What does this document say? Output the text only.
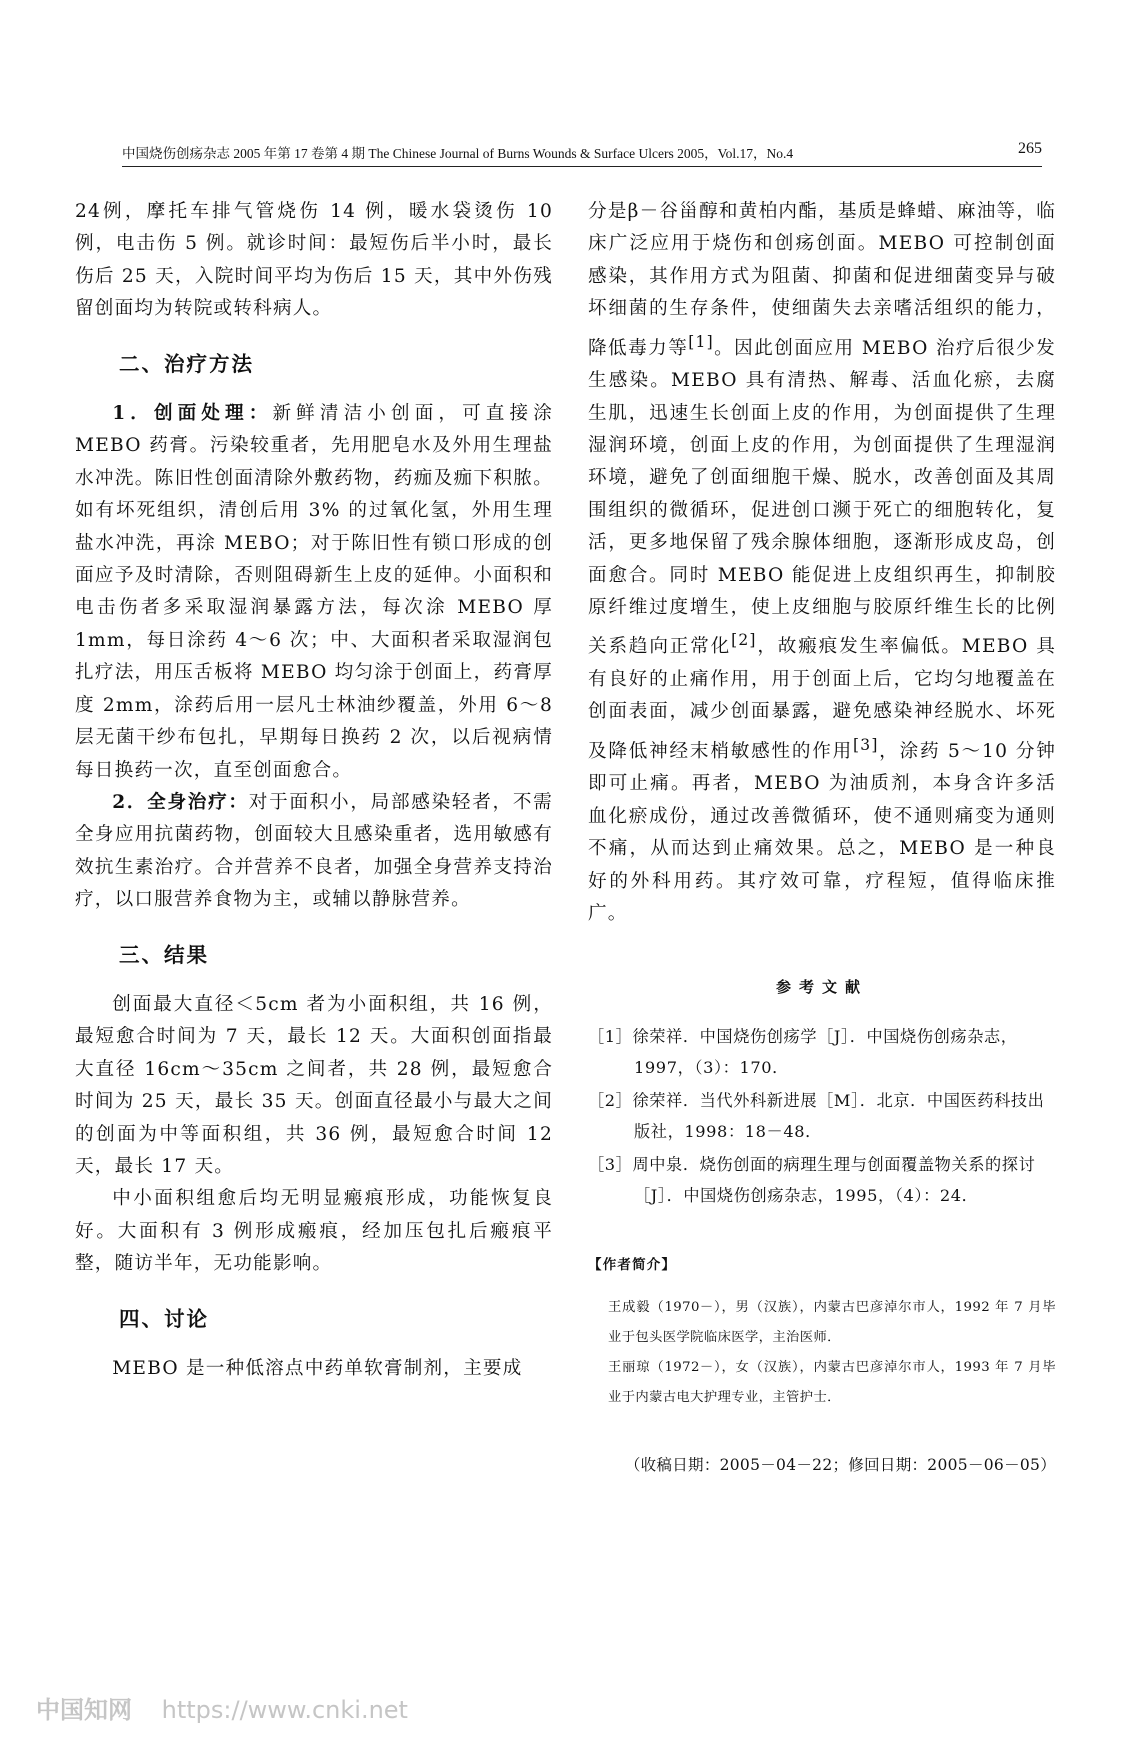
中国烧伤创疡杂志 2005 年第 17 卷第 4 期 The Chinese Journal of Burns Wounds & Surface Ulcers 2005，Vol.17，No.4	265

24例，摩托车排气管烧伤 14 例，暖水袋烫伤 10 例，电击伤 5 例。就诊时间：最短伤后半小时，最长伤后 25 天，入院时间平均为伤后 15 天，其中外伤残留创面均为转院或转科病人。

二、治疗方法

1．创面处理：新鲜清洁小创面，可直接涂 MEBO 药膏。污染较重者，先用肥皂水及外用生理盐水冲洗。陈旧性创面清除外敷药物，药痂及痂下积脓。如有坏死组织，清创后用 3% 的过氧化氢，外用生理盐水冲洗，再涂 MEBO；对于陈旧性有锁口形成的创面应予及时清除，否则阻碍新生上皮的延伸。小面积和电击伤者多采取湿润暴露方法，每次涂 MEBO 厚 1mm，每日涂药 4～6 次；中、大面积者采取湿润包扎疗法，用压舌板将 MEBO 均匀涂于创面上，药膏厚度 2mm，涂药后用一层凡士林油纱覆盖，外用 6～8 层无菌干纱布包扎，早期每日换药 2 次，以后视病情每日换药一次，直至创面愈合。

2．全身治疗：对于面积小，局部感染轻者，不需全身应用抗菌药物，创面较大且感染重者，选用敏感有效抗生素治疗。合并营养不良者，加强全身营养支持治疗，以口服营养食物为主，或辅以静脉营养。

三、结果

创面最大直径＜5cm 者为小面积组，共 16 例，最短愈合时间为 7 天，最长 12 天。大面积创面指最大直径 16cm～35cm 之间者，共 28 例，最短愈合时间为 25 天，最长 35 天。创面直径最小与最大之间的创面为中等面积组，共 36 例，最短愈合时间 12 天，最长 17 天。

中小面积组愈后均无明显瘢痕形成，功能恢复良好。大面积有 3 例形成瘢痕，经加压包扎后瘢痕平整，随访半年，无功能影响。

四、讨论

MEBO 是一种低溶点中药单软膏制剂，主要成

分是β－谷甾醇和黄柏内酯，基质是蜂蜡、麻油等，临床广泛应用于烧伤和创疡创面。MEBO 可控制创面感染，其作用方式为阻菌、抑菌和促进细菌变异与破坏细菌的生存条件，使细菌失去亲嗜活组织的能力，降低毒力等[1]。因此创面应用 MEBO 治疗后很少发生感染。MEBO 具有清热、解毒、活血化瘀，去腐生肌，迅速生长创面上皮的作用，为创面提供了生理湿润环境，创面上皮的作用，为创面提供了生理湿润环境，避免了创面细胞干燥、脱水，改善创面及其周围组织的微循环，促进创口濒于死亡的细胞转化，复活，更多地保留了残余腺体细胞，逐渐形成皮岛，创面愈合。同时 MEBO 能促进上皮组织再生，抑制胶原纤维过度增生，使上皮细胞与胶原纤维生长的比例关系趋向正常化[2]，故瘢痕发生率偏低。MEBO 具有良好的止痛作用，用于创面上后，它均匀地覆盖在创面表面，减少创面暴露，避免感染神经脱水、坏死及降低神经末梢敏感性的作用[3]，涂药 5～10 分钟即可止痛。再者，MEBO 为油质剂，本身含许多活血化瘀成份，通过改善微循环，使不通则痛变为通则不痛，从而达到止痛效果。总之，MEBO 是一种良好的外科用药。其疗效可靠，疗程短，值得临床推广。

参考文献

［1］徐荣祥．中国烧伤创疡学［J］．中国烧伤创疡杂志，1997，（3）：170．

［2］徐荣祥．当代外科新进展［M］．北京．中国医药科技出版社，1998：18－48．

［3］周中泉．烧伤创面的病理生理与创面覆盖物关系的探讨［J］．中国烧伤创疡杂志，1995，（4）：24．

【作者简介】

王成毅（1970－），男（汉族），内蒙古巴彦淖尔市人，1992 年 7 月毕业于包头医学院临床医学，主治医师．

王丽琼（1972－），女（汉族），内蒙古巴彦淖尔市人，1993 年 7 月毕业于内蒙古电大护理专业，主管护士．

（收稿日期：2005－04－22；修回日期：2005－06－05）
中国知网 https://www.cnki.net
